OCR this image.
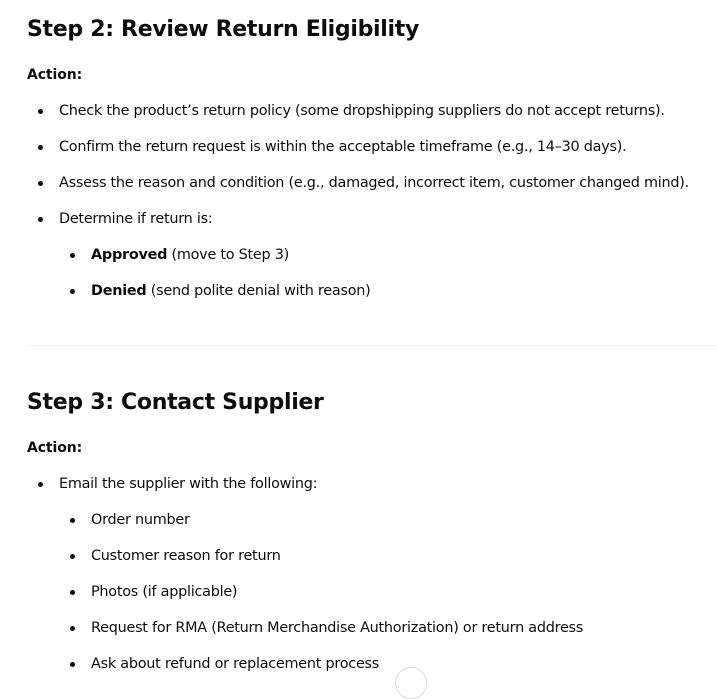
Step 2: Review Return Eligibility
Action:
Check the product’s return policy (some dropshipping suppliers do not accept returns).
Confirm the return request is within the acceptable timeframe (e.g., 14–30 days).
Assess the reason and condition (e.g., damaged, incorrect item, customer changed mind).
Determine if return is:
Approved (move to Step 3)
Denied (send polite denial with reason)
Step 3: Contact Supplier
Action:
Email the supplier with the following:
Order number
Customer reason for return
Photos (if applicable)
Request for RMA (Return Merchandise Authorization) or return address
Ask about refund or replacement process
